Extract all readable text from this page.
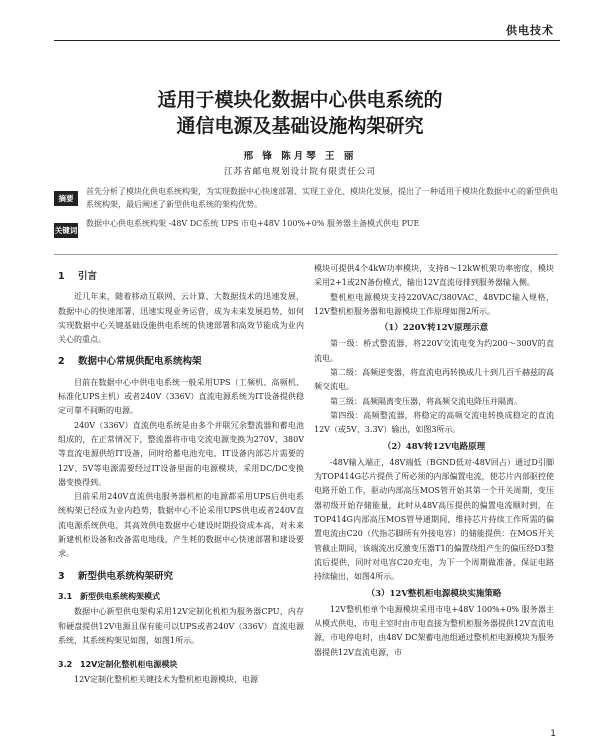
供电技术
适用于模块化数据中心供电系统的
通信电源及基础设施构架研究
邢 锋 陈月琴 王 丽
江苏省邮电规划设计院有限责任公司
摘要
首先分析了模块化供电系统构架，为实现数据中心快速部署、实现工业化、模块化发展，提出了一种适用于模块化数据中心的新型供电系统构架，最后阐述了新型供电系统的架构优势。
关键词
数据中心供电系统构架 -48V DC系统 UPS 市电+48V 100%+0% 服务器主备模式供电 PUE
1 引言

近几年来，随着移动互联网、云计算、大数据技术的迅速发展，数据中心的快速部署、迅速实现业务运营，成为未来发展趋势，如何实现数据中心关键基础设施供电系统的快速部署和高效节能成为业内关心的重点。

2 数据中心常规供配电系统构架

目前在数据中心中供电电系统一般采用UPS（工频机、高频机、标准化UPS主机）或者240V（336V）直流电源系统为IT设备提供稳定可靠不间断的电源。

240V（336V）直流供电系统是由多个并联冗余整流器和蓄电池组成的，在正常情况下，整流器将市电交流电源变换为270V、380V等直流电源供给IT设备，同时给蓄电池充电，IT设备内部芯片需要的12V、5V等电源需要经过IT设备里面的电源模块，采用DC/DC变换器变换得到。

目前采用240V直流供电服务器机柜的电源都采用UPS后供电系统构架已经成为业内趋势，数据中心不论采用UPS供电或者240V直流电源系统供电，其高效供电数据中心建设时期投资成本高，对未来新建机柜设备和改备需电地线，产生耗的数据中心快速部署和建设要求。

3 新型供电系统构架研究
3.1 新型供电系统构架模式

数据中心新型供电架构采用12V定制化机柜为服务器CPU、内存和硬盘提供12V电源且保有能可以UPS或者240V（336V）直流电源系统，其系统构架见如图，如图1所示。

3.2 12V定制化整机柜电源模块

12V定制化整机柜关键技术为整机柜电源模块，电源

模块可提供4个4kW功率模块，支持8～12kW机架功率密度，模块采用2+1或2N备份模式，输出12V直流母排到服务器输入侧。

整机柜电源模块支持220VAC/380VAC、48VDC输入规格，12V整机柜服务器和电源模块工作原理如图2所示。

（1）220V转12V原理示意

第一级：桥式整流器，将220V交流电变为约200～300V的直流电。

第二级：高频逆变器，将直流电再转换成几十到几百千赫兹的高频交流电。

第三级：高频隔离变压器，将高频交流电降压并隔离。

第四级：高频整流器，将稳定的高频交流电转换成稳定的直流12V（或5V、3.3V）输出，如图3所示。

（2）48V转12V电路原理

-48V输入端正，48V端低（BGND低对-48V回占）通过D引脚为TOP414G芯片提供了所必须的内部偏置电流，使芯片内部驱控使电路开始工作，驱动内部高压MOS管开始其第一个开关周期，变压器初级开始存储能量，此时从48V高压提供的偏置电流顺时到，在TOP414G内部高压MOS管导通期间，维持芯片持续工作所需的偏置电流由C20（代指芯脚所有外接电容）的储能提供：在MOS开关管截止期间，该端流出反激变压器T1的偏置绕组产生的偏压经D3整流后提供，同时对电容C20充电，为下一个周期做准备，保证电路持续输出，如图4所示。

（3）12V整机柜电源模块实施策略

12V整机柜单个电源模块采用市电+48V 100%+0% 服务器主从模式供电，市电主室时由市电直接为整机柜服务器提供12V直流电源，市电停电时，由48V DC架蓄电池组通过整机柜电源模块为服务器提供12V直流电源，市

1
